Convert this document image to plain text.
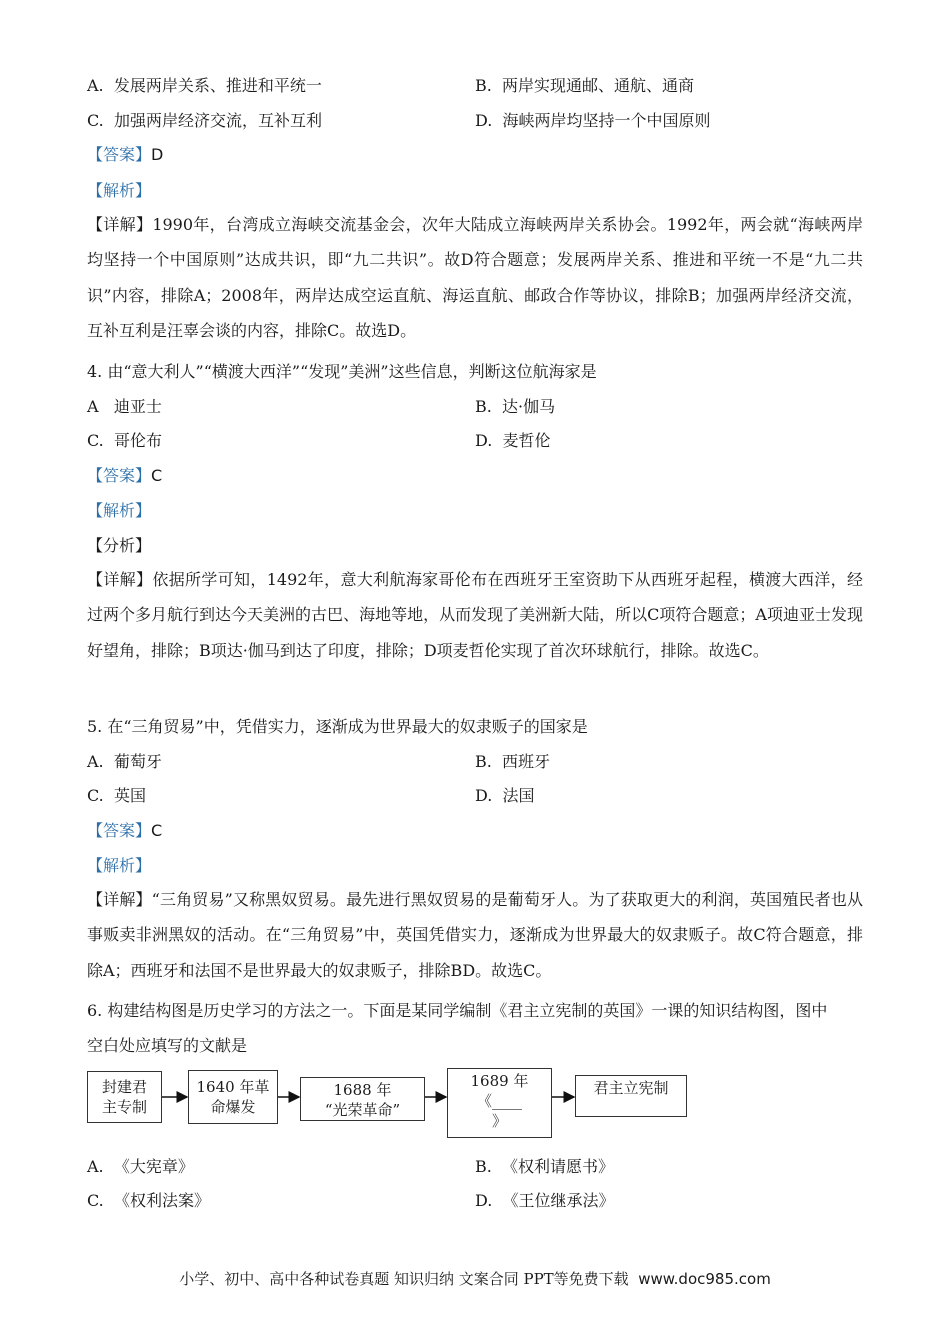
A. 发展两岸关系、推进和平统一	B. 两岸实现通邮、通航、通商
C. 加强两岸经济交流，互补互利	D. 海峡两岸均坚持一个中国原则
【答案】D
【解析】
【详解】1990年，台湾成立海峡交流基金会，次年大陆成立海峡两岸关系协会。1992年，两会就“海峡两岸均坚持一个中国原则”达成共识，即“九二共识”。故D符合题意；发展两岸关系、推进和平统一不是“九二共识”内容，排除A；2008年，两岸达成空运直航、海运直航、邮政合作等协议，排除B；加强两岸经济交流，互补互利是汪辜会谈的内容，排除C。故选D。
4. 由“意大利人”“横渡大西洋”“发现”美洲”这些信息，判断这位航海家是
A 迪亚士	B. 达·伽马
C. 哥伦布	D. 麦哲伦
【答案】C
【解析】
【分析】
【详解】依据所学可知，1492年，意大利航海家哥伦布在西班牙王室资助下从西班牙起程，横渡大西洋，经过两个多月航行到达今天美洲的古巴、海地等地，从而发现了美洲新大陆，所以C项符合题意；A项迪亚士发现好望角，排除；B项达·伽马到达了印度，排除；D项麦哲伦实现了首次环球航行，排除。故选C。
5. 在“三角贸易”中，凭借实力，逐渐成为世界最大的奴隶贩子的国家是
A. 葡萄牙	B. 西班牙
C. 英国	D. 法国
【答案】C
【解析】
【详解】“三角贸易”又称黑奴贸易。最先进行黑奴贸易的是葡萄牙人。为了获取更大的利润，英国殖民者也从事贩卖非洲黑奴的活动。在“三角贸易”中，英国凭借实力，逐渐成为世界最大的奴隶贩子。故C符合题意，排除A；西班牙和法国不是世界最大的奴隶贩子，排除BD。故选C。
6. 构建结构图是历史学习的方法之一。下面是某同学编制《君主立宪制的英国》一课的知识结构图，图中
空白处应填写的文献是
封建君
主专制
1640 年革
命爆发
1688 年
“光荣革命”
1689 年
《____
》
君主立宪制
A. 《大宪章》	B. 《权利请愿书》
C. 《权利法案》	D. 《王位继承法》
小学、初中、高中各种试卷真题 知识归纳 文案合同 PPT等免费下载 www.doc985.com
